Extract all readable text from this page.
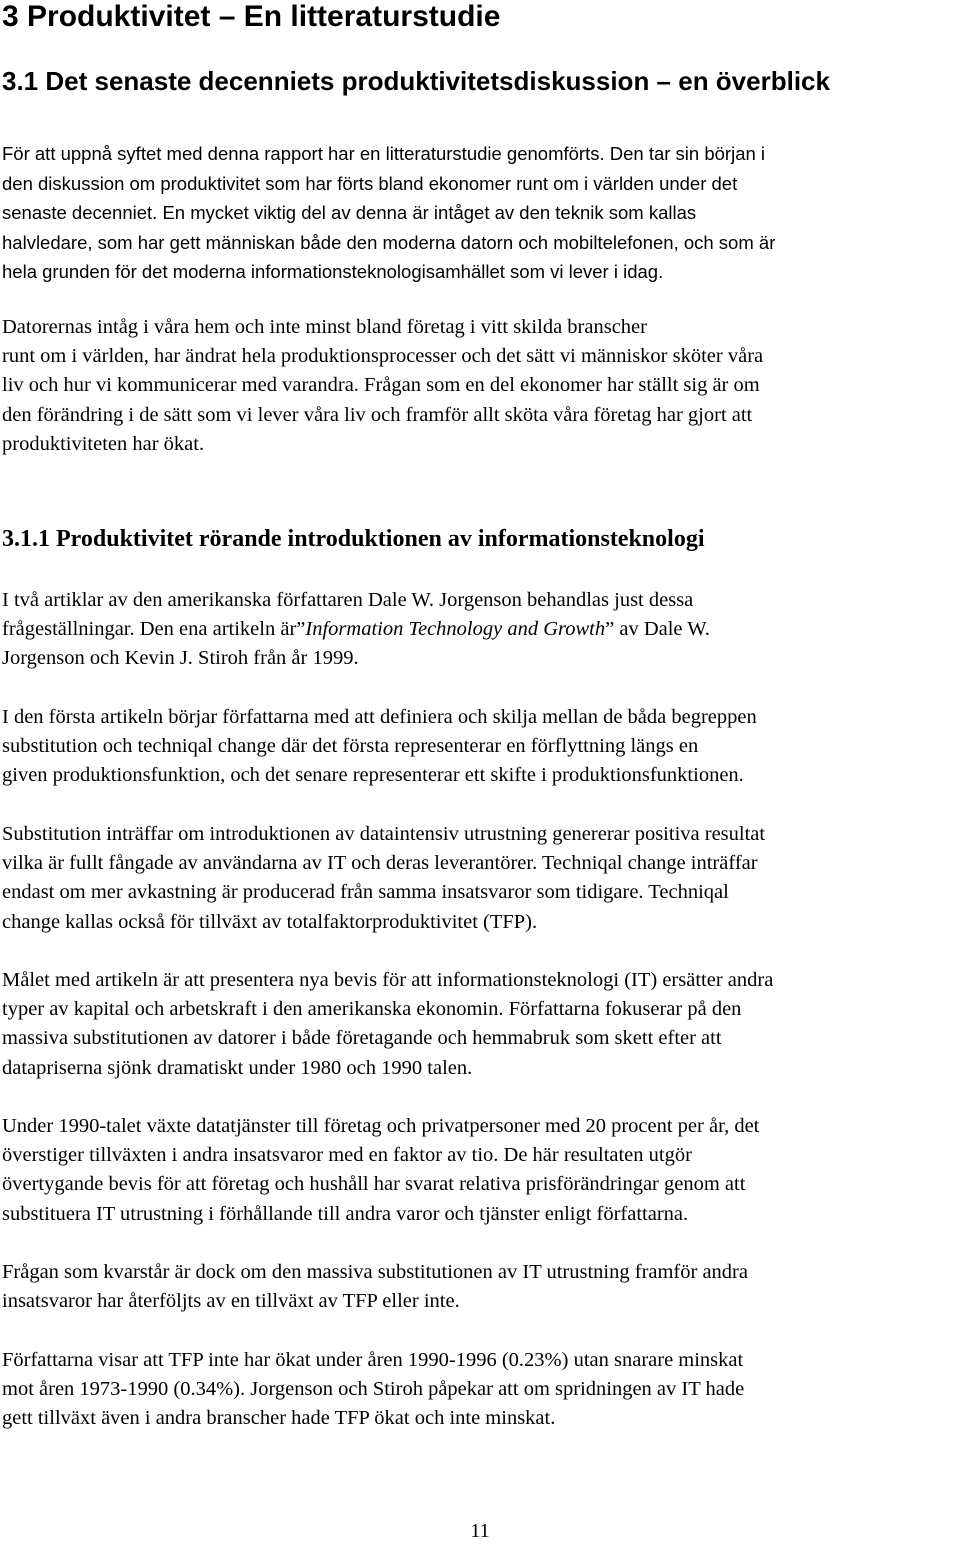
3 Produktivitet – En litteraturstudie
3.1 Det senaste decenniets produktivitetsdiskussion – en överblick

För att uppnå syftet med denna rapport har en litteraturstudie genomförts. Den tar sin början i
den diskussion om produktivitet som har förts bland ekonomer runt om i världen under det
senaste decenniet. En mycket viktig del av denna är intåget av den teknik som kallas
halvledare, som har gett människan både den moderna datorn och mobiltelefonen, och som är
hela grunden för det moderna informationsteknologisamhället som vi lever i idag.

Datorernas intåg i våra hem och inte minst bland företag i vitt skilda branscher
runt om i världen, har ändrat hela produktionsprocesser och det sätt vi människor sköter våra
liv och hur vi kommunicerar med varandra. Frågan som en del ekonomer har ställt sig är om
den förändring i de sätt som vi lever våra liv och framför allt sköta våra företag har gjort att
produktiviteten har ökat.

3.1.1 Produktivitet rörande introduktionen av informationsteknologi

I två artiklar av den amerikanska författaren Dale W. Jorgenson behandlas just dessa
frågeställningar. Den ena artikeln är”Information Technology and Growth” av Dale W.
Jorgenson och Kevin J. Stiroh från år 1999.

I den första artikeln börjar författarna med att definiera och skilja mellan de båda begreppen
substitution och techniqal change där det första representerar en förflyttning längs en
given produktionsfunktion, och det senare representerar ett skifte i produktionsfunktionen.

Substitution inträffar om introduktionen av dataintensiv utrustning genererar positiva resultat
vilka är fullt fångade av användarna av IT och deras leverantörer. Techniqal change inträffar
endast om mer avkastning är producerad från samma insatsvaror som tidigare. Techniqal
change kallas också för tillväxt av totalfaktorproduktivitet (TFP).

Målet med artikeln är att presentera nya bevis för att informationsteknologi (IT) ersätter andra
typer av kapital och arbetskraft i den amerikanska ekonomin. Författarna fokuserar på den
massiva substitutionen av datorer i både företagande och hemmabruk som skett efter att
datapriserna sjönk dramatiskt under 1980 och 1990 talen.

Under 1990-talet växte datatjänster till företag och privatpersoner med 20 procent per år, det
överstiger tillväxten i andra insatsvaror med en faktor av tio. De här resultaten utgör
övertygande bevis för att företag och hushåll har svarat relativa prisförändringar genom att
substituera IT utrustning i förhållande till andra varor och tjänster enligt författarna.

Frågan som kvarstår är dock om den massiva substitutionen av IT utrustning framför andra
insatsvaror har återföljts av en tillväxt av TFP eller inte.

Författarna visar att TFP inte har ökat under åren 1990-1996 (0.23%) utan snarare minskat
mot åren 1973-1990 (0.34%). Jorgenson och Stiroh påpekar att om spridningen av IT hade
gett tillväxt även i andra branscher hade TFP ökat och inte minskat.

11
